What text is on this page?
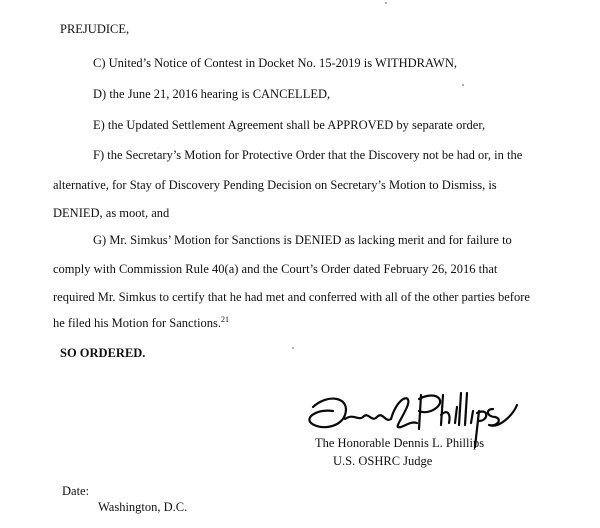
PREJUDICE,
C) United’s Notice of Contest in Docket No. 15-2019 is WITHDRAWN,
D) the June 21, 2016 hearing is CANCELLED,
E) the Updated Settlement Agreement shall be APPROVED by separate order,
F) the Secretary’s Motion for Protective Order that the Discovery not be had or, in the
alternative, for Stay of Discovery Pending Decision on Secretary’s Motion to Dismiss, is
DENIED, as moot, and
G) Mr. Simkus’ Motion for Sanctions is DENIED as lacking merit and for failure to
comply with Commission Rule 40(a) and the Court’s Order dated February 26, 2016 that
required Mr. Simkus to certify that he had met and conferred with all of the other parties before
he filed his Motion for Sanctions.$^{21}$
SO ORDERED.
The Honorable Dennis L. Phillips
U.S. OSHRC Judge
Date:
Washington, D.C.
